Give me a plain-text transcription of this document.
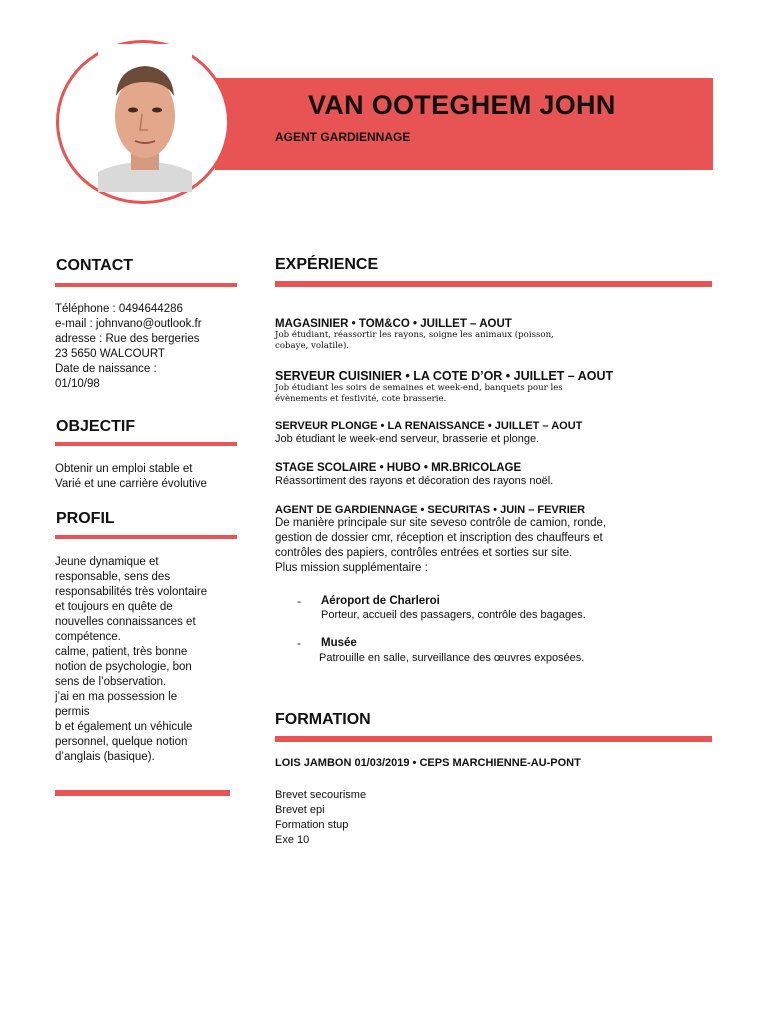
VAN OOTEGHEM JOHN
AGENT GARDIENNAGE
CONTACT
Téléphone : 0494644286
e-mail : johnvano@outlook.fr
adresse : Rue des bergeries
23 5650 WALCOURT
Date de naissance :
01/10/98
OBJECTIF
Obtenir un emploi stable et
Varié et une carrière évolutive
PROFIL
Jeune dynamique et
responsable, sens des
responsabilités très volontaire
et toujours en quête de
nouvelles connaissances et
compétence.
calme, patient, très bonne
notion de psychologie, bon
sens de l’observation.
j’ai en ma possession le
permis
b et également un véhicule
personnel, quelque notion
d’anglais (basique).
EXPÉRIENCE
MAGASINIER • TOM&CO • JUILLET – AOUT
Job étudiant, réassortir les rayons, soigne les animaux (poisson,
cobaye, volatile).
SERVEUR CUISINIER • LA COTE D’OR • JUILLET – AOUT
Job étudiant les soirs de semaines et week-end, banquets pour les
évènements et festivité, cote brasserie.
SERVEUR PLONGE • LA RENAISSANCE • JUILLET – AOUT
Job étudiant le week-end serveur, brasserie et plonge.
STAGE SCOLAIRE • HUBO • MR.BRICOLAGE
Réassortiment des rayons et décoration des rayons noël.
AGENT DE GARDIENNAGE • SECURITAS • JUIN – FEVRIER
De manière principale sur site seveso contrôle de camion, ronde,
gestion de dossier cmr, réception et inscription des chauffeurs et
contrôles des papiers, contrôles entrées et sorties sur site.
Plus mission supplémentaire :
- Aéroport de Charleroi
Porteur, accueil des passagers, contrôle des bagages.
- Musée
Patrouille en salle, surveillance des œuvres exposées.
FORMATION
LOIS JAMBON 01/03/2019 • CEPS MARCHIENNE-AU-PONT
Brevet secourisme
Brevet epi
Formation stup
Exe 10
